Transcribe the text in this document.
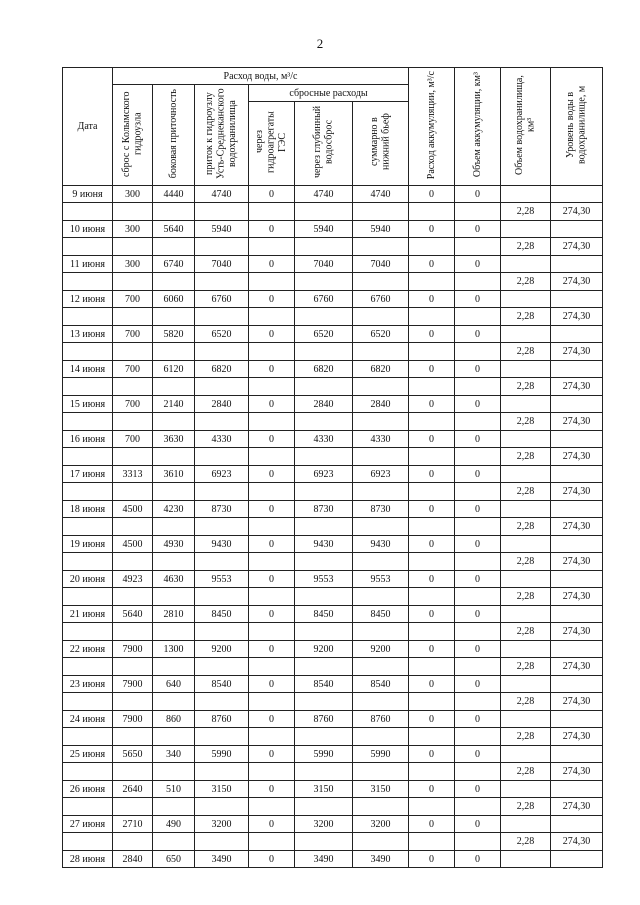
2
Дата	Расход воды, м³/с						Расход аккумуляции, м³/с	Объем аккумуляции, км³	Объем водохранилища, км³	Уровень воды в водохранилище, м
	сброс с Колымского гидроузла	боковая приточность	приток к гидроузлу Усть-Среднеканского водохранилища	сбросные расходы						
				через гидроагрегаты ГЭС	через глубинный водосброс	суммарно в нижний бьеф				
9 июня	300	4440	4740	0	4740	4740	0	0		
									2,28	274,30
10 июня	300	5640	5940	0	5940	5940	0	0		
									2,28	274,30
11 июня	300	6740	7040	0	7040	7040	0	0		
									2,28	274,30
12 июня	700	6060	6760	0	6760	6760	0	0		
									2,28	274,30
13 июня	700	5820	6520	0	6520	6520	0	0		
									2,28	274,30
14 июня	700	6120	6820	0	6820	6820	0	0		
									2,28	274,30
15 июня	700	2140	2840	0	2840	2840	0	0		
									2,28	274,30
16 июня	700	3630	4330	0	4330	4330	0	0		
									2,28	274,30
17 июня	3313	3610	6923	0	6923	6923	0	0		
									2,28	274,30
18 июня	4500	4230	8730	0	8730	8730	0	0		
									2,28	274,30
19 июня	4500	4930	9430	0	9430	9430	0	0		
									2,28	274,30
20 июня	4923	4630	9553	0	9553	9553	0	0		
									2,28	274,30
21 июня	5640	2810	8450	0	8450	8450	0	0		
									2,28	274,30
22 июня	7900	1300	9200	0	9200	9200	0	0		
									2,28	274,30
23 июня	7900	640	8540	0	8540	8540	0	0		
									2,28	274,30
24 июня	7900	860	8760	0	8760	8760	0	0		
									2,28	274,30
25 июня	5650	340	5990	0	5990	5990	0	0		
									2,28	274,30
26 июня	2640	510	3150	0	3150	3150	0	0		
									2,28	274,30
27 июня	2710	490	3200	0	3200	3200	0	0		
									2,28	274,30
28 июня	2840	650	3490	0	3490	3490	0	0		
